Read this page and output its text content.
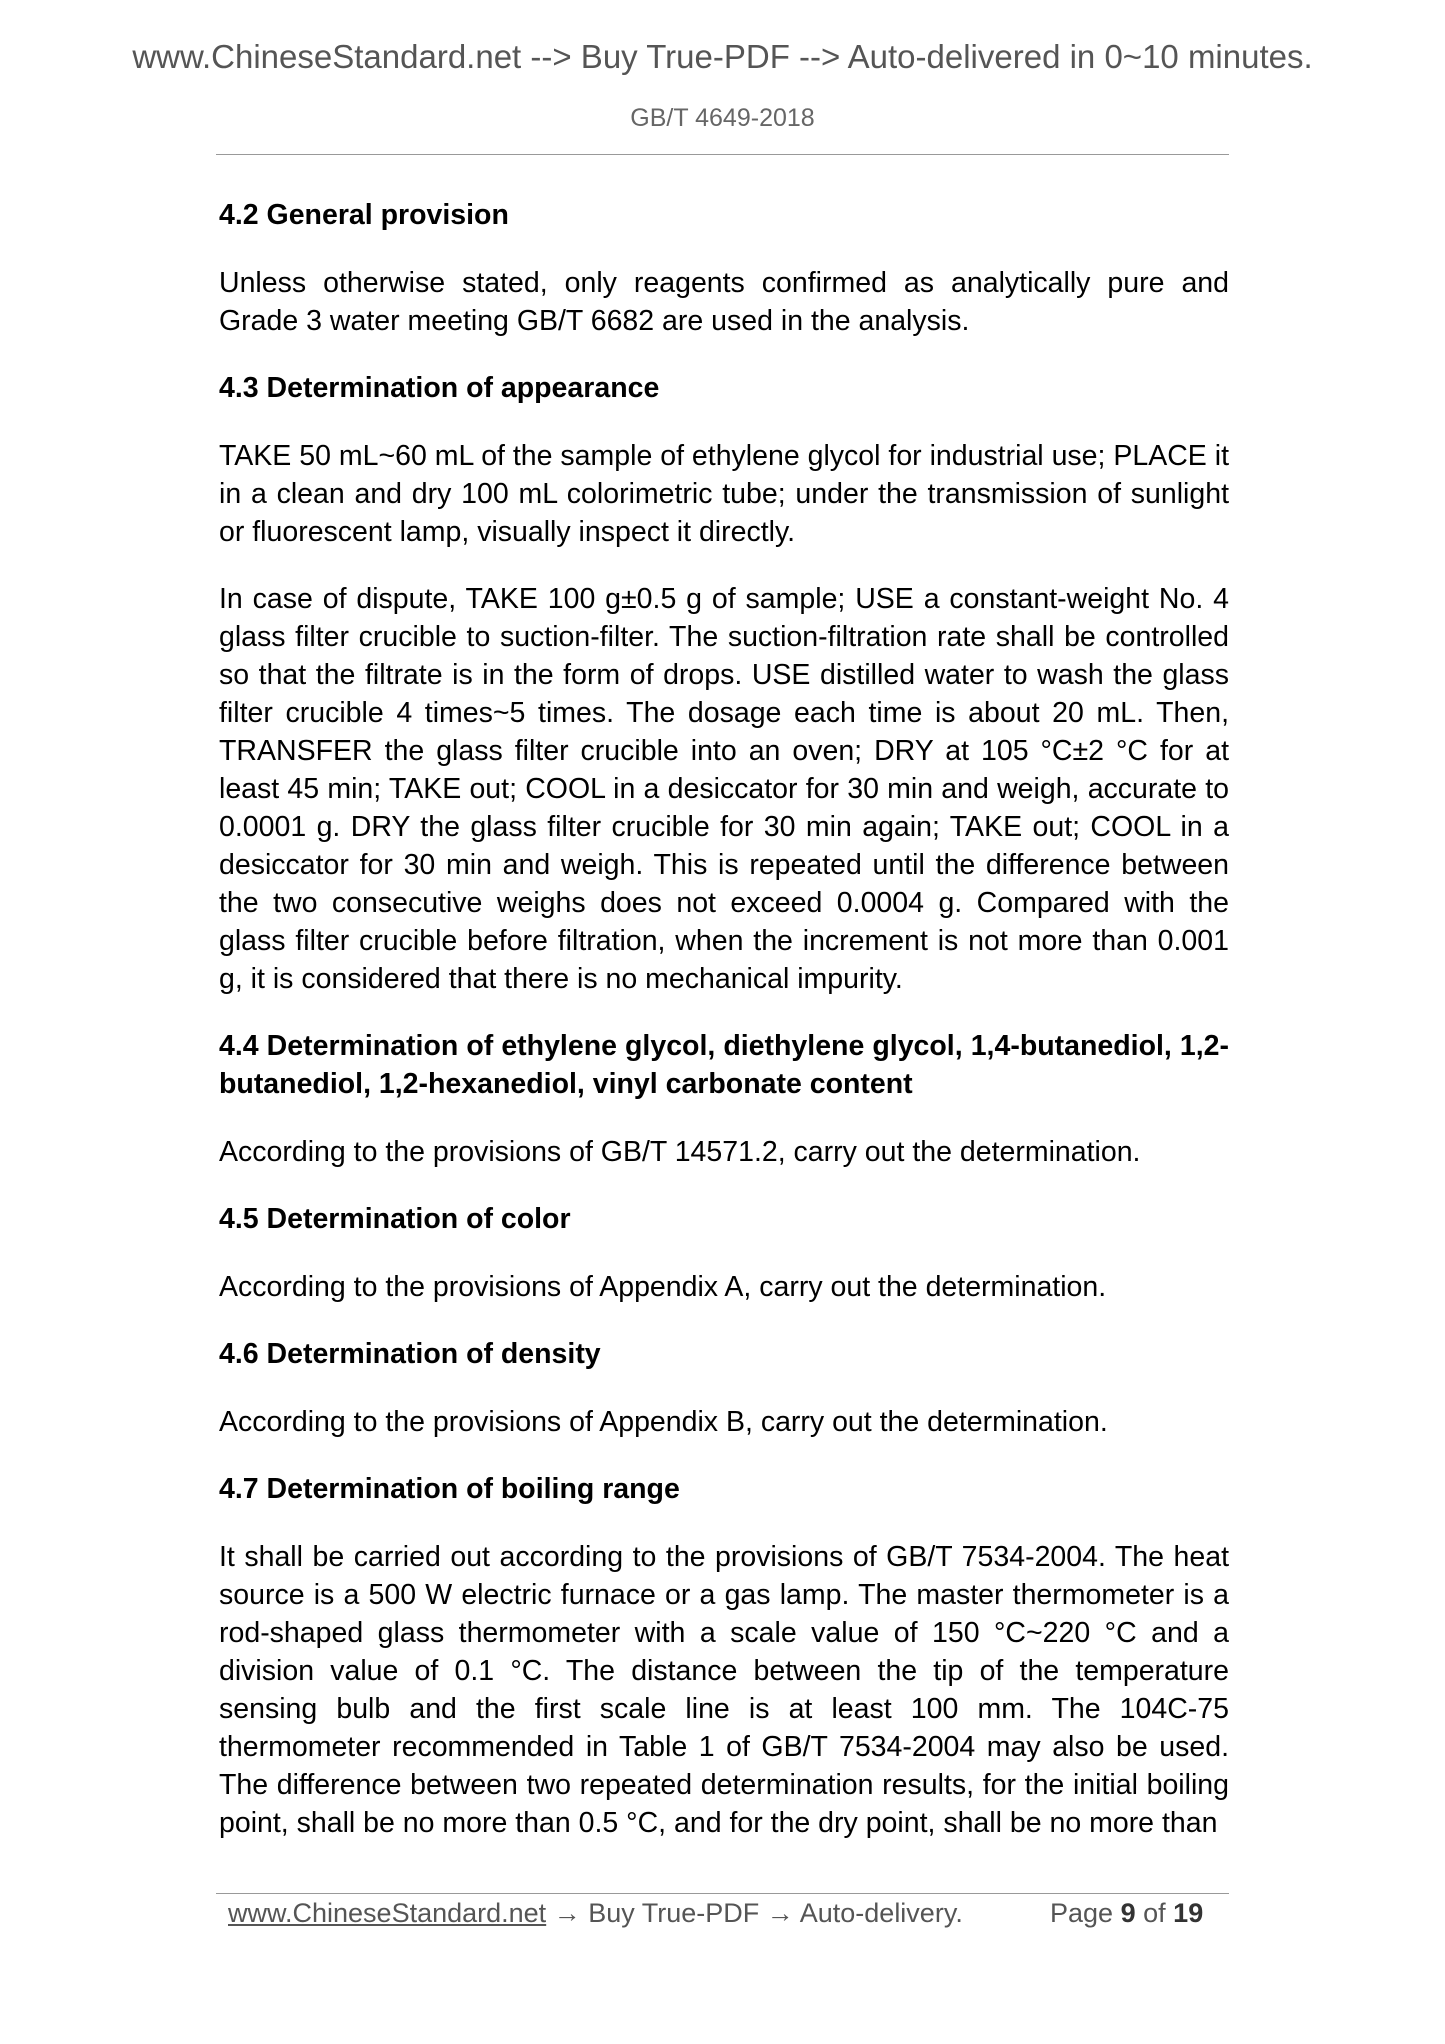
www.ChineseStandard.net --> Buy True-PDF --> Auto-delivered in 0~10 minutes.
GB/T 4649-2018
4.2 General provision

Unless otherwise stated, only reagents confirmed as analytically pure and Grade 3 water meeting GB/T 6682 are used in the analysis.

4.3 Determination of appearance

TAKE 50 mL~60 mL of the sample of ethylene glycol for industrial use; PLACE it in a clean and dry 100 mL colorimetric tube; under the transmission of sunlight or fluorescent lamp, visually inspect it directly.

In case of dispute, TAKE 100 g±0.5 g of sample; USE a constant-weight No. 4 glass filter crucible to suction-filter. The suction-filtration rate shall be controlled so that the filtrate is in the form of drops. USE distilled water to wash the glass filter crucible 4 times~5 times. The dosage each time is about 20 mL. Then, TRANSFER the glass filter crucible into an oven; DRY at 105 °C±2 °C for at least 45 min; TAKE out; COOL in a desiccator for 30 min and weigh, accurate to 0.0001 g. DRY the glass filter crucible for 30 min again; TAKE out; COOL in a desiccator for 30 min and weigh. This is repeated until the difference between the two consecutive weighs does not exceed 0.0004 g. Compared with the glass filter crucible before filtration, when the increment is not more than 0.001 g, it is considered that there is no mechanical impurity.

4.4 Determination of ethylene glycol, diethylene glycol, 1,4-butanediol, 1,2-butanediol, 1,2-hexanediol, vinyl carbonate content

According to the provisions of GB/T 14571.2, carry out the determination.

4.5 Determination of color

According to the provisions of Appendix A, carry out the determination.

4.6 Determination of density

According to the provisions of Appendix B, carry out the determination.

4.7 Determination of boiling range

It shall be carried out according to the provisions of GB/T 7534-2004. The heat source is a 500 W electric furnace or a gas lamp. The master thermometer is a rod-shaped glass thermometer with a scale value of 150 °C~220 °C and a division value of 0.1 °C. The distance between the tip of the temperature sensing bulb and the first scale line is at least 100 mm. The 104C-75 thermometer recommended in Table 1 of GB/T 7534-2004 may also be used. The difference between two repeated determination results, for the initial boiling point, shall be no more than 0.5 °C, and for the dry point, shall be no more than

www.ChineseStandard.net → Buy True-PDF → Auto-delivery.	Page 9 of 19
